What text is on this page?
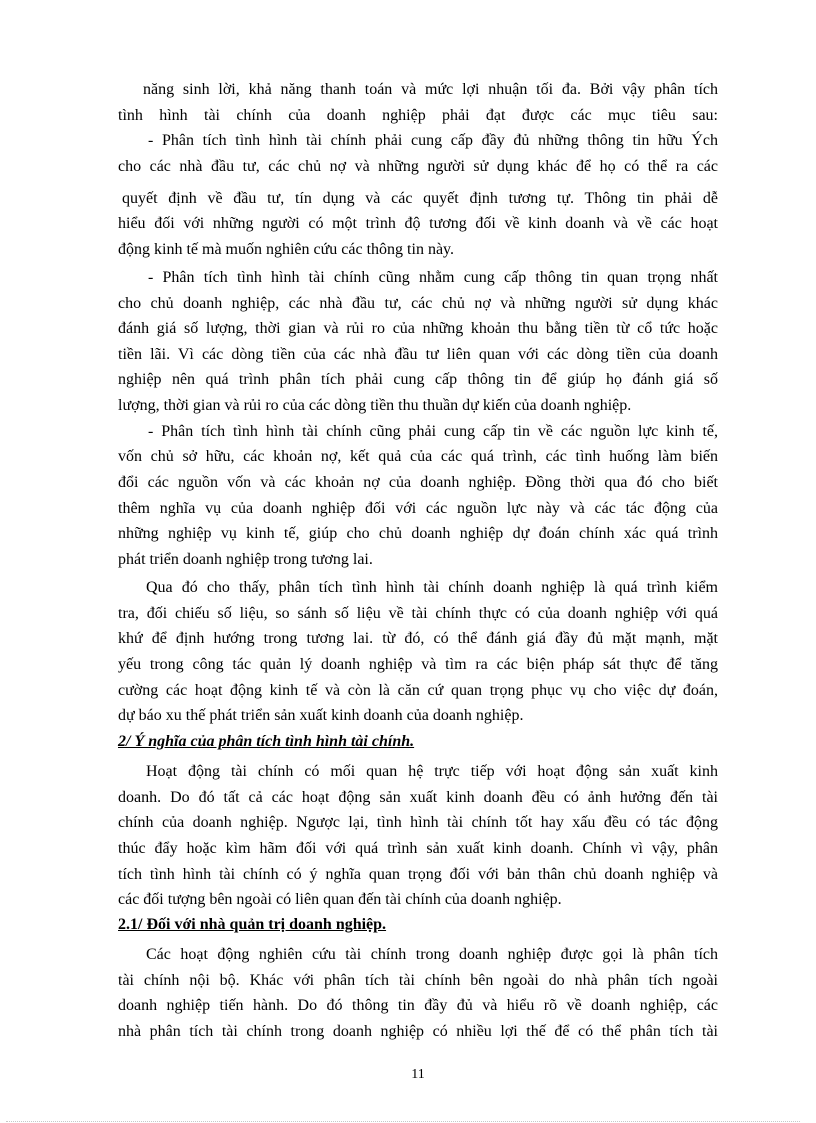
năng sinh lời, khả năng thanh toán và mức lợi nhuận tối đa. Bởi vậy phân tích
tình hình tài chính của doanh nghiệp phải đạt được các mục tiêu sau:
- Phân tích tình hình tài chính phải cung cấp đầy đủ những thông tin hữu Ých
cho các nhà đầu tư, các chủ nợ và những người sử dụng khác để họ có thể ra các
quyết định về đầu tư, tín dụng và các quyết định tương tự. Thông tin phải dễ
hiểu đối với những người có một trình độ tương đối về kinh doanh và về các hoạt
động kinh tế mà muốn nghiên cứu các thông tin này.
- Phân tích tình hình tài chính cũng nhằm cung cấp thông tin quan trọng nhất
cho chủ doanh nghiệp, các nhà đầu tư, các chủ nợ và những người sử dụng khác
đánh giá số lượng, thời gian và rủi ro của những khoản thu bằng tiền từ cổ tức hoặc
tiền lãi. Vì các dòng tiền của các nhà đầu tư liên quan với các dòng tiền của doanh
nghiệp nên quá trình phân tích phải cung cấp thông tin để giúp họ đánh giá số
lượng, thời gian và rủi ro của các dòng tiền thu thuần dự kiến của doanh nghiệp.
- Phân tích tình hình tài chính cũng phải cung cấp tin về các nguồn lực kinh tế,
vốn chủ sở hữu, các khoản nợ, kết quả của các quá trình, các tình huống làm biến
đổi các nguồn vốn và các khoản nợ của doanh nghiệp. Đồng thời qua đó cho biết
thêm nghĩa vụ của doanh nghiệp đối với các nguồn lực này và các tác động của
những nghiệp vụ kinh tế, giúp cho chủ doanh nghiệp dự đoán chính xác quá trình
phát triển doanh nghiệp trong tương lai.
Qua đó cho thấy, phân tích tình hình tài chính doanh nghiệp là quá trình kiểm
tra, đối chiếu số liệu, so sánh số liệu về tài chính thực có của doanh nghiệp với quá
khứ để định hướng trong tương lai. từ đó, có thể đánh giá đầy đủ mặt mạnh, mặt
yếu trong công tác quản lý doanh nghiệp và tìm ra các biện pháp sát thực để tăng
cường các hoạt động kinh tế và còn là căn cứ quan trọng phục vụ cho việc dự đoán,
dự báo xu thế phát triển sản xuất kinh doanh của doanh nghiệp.
2/ Ý nghĩa của phân tích tình hình tài chính.
Hoạt động tài chính có mối quan hệ trực tiếp với hoạt động sản xuất kinh
doanh. Do đó tất cả các hoạt động sản xuất kinh doanh đều có ảnh hưởng đến tài
chính của doanh nghiệp. Ngược lại, tình hình tài chính tốt hay xấu đều có tác động
thúc đẩy hoặc kìm hãm đối với quá trình sản xuất kinh doanh. Chính vì vậy, phân
tích tình hình tài chính có ý nghĩa quan trọng đối với bản thân chủ doanh nghiệp và
các đối tượng bên ngoài có liên quan đến tài chính của doanh nghiệp.
2.1/ Đối với nhà quản trị doanh nghiệp.
Các hoạt động nghiên cứu tài chính trong doanh nghiệp được gọi là phân tích
tài chính nội bộ. Khác với phân tích tài chính bên ngoài do nhà phân tích ngoài
doanh nghiệp tiến hành. Do đó thông tin đầy đủ và hiểu rõ về doanh nghiệp, các
nhà phân tích tài chính trong doanh nghiệp có nhiều lợi thế để có thể phân tích tài
11
